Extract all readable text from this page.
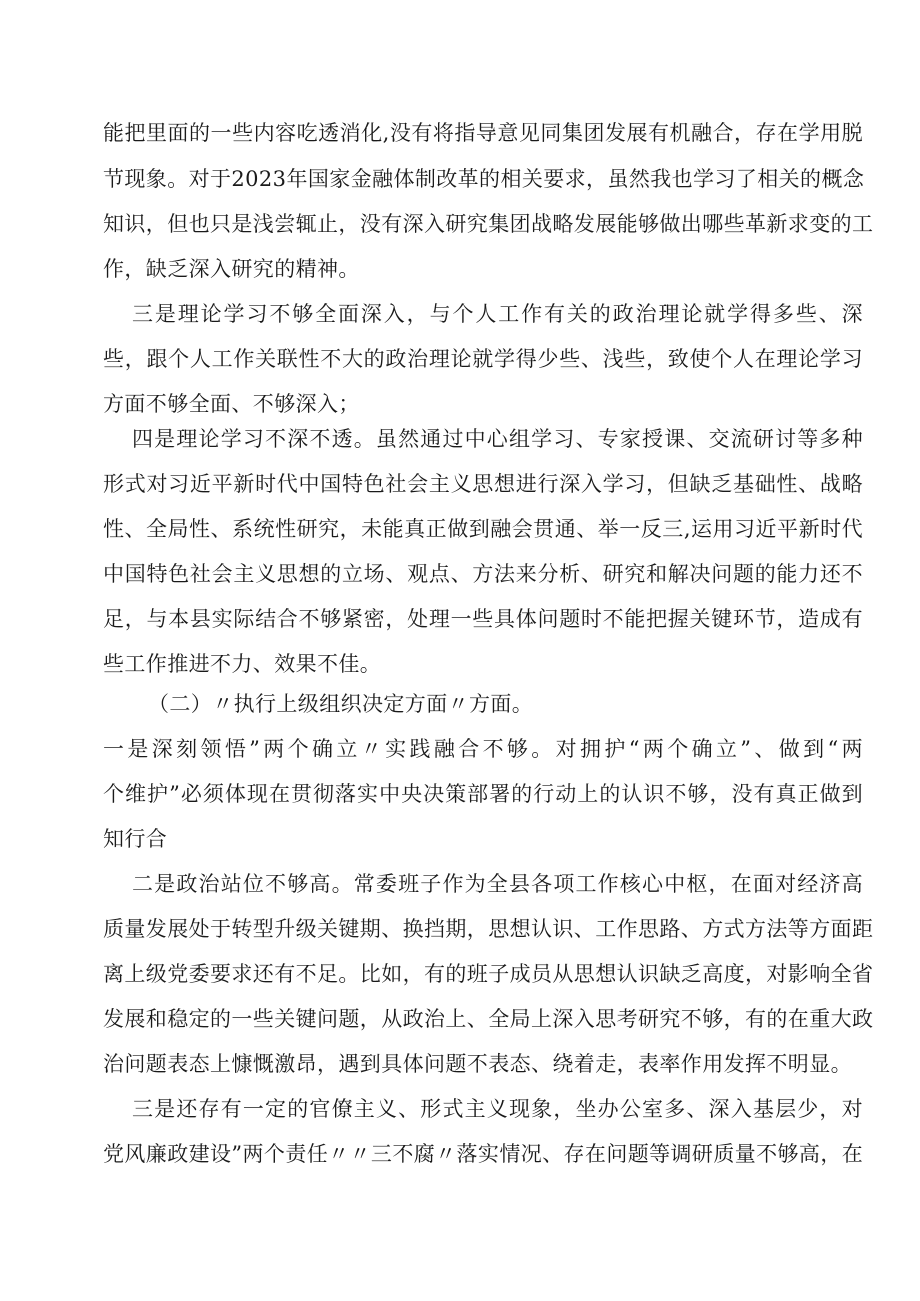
能把里面的一些内容吃透消化,没有将指导意见同集团发展有机融合，存在学用脱
节现象。对于2023年国家金融体制改革的相关要求，虽然我也学习了相关的概念
知识，但也只是浅尝辄止，没有深入研究集团战略发展能够做出哪些革新求变的工
作，缺乏深入研究的精神。
三是理论学习不够全面深入，与个人工作有关的政治理论就学得多些、深
些，跟个人工作关联性不大的政治理论就学得少些、浅些，致使个人在理论学习
方面不够全面、不够深入；
四是理论学习不深不透。虽然通过中心组学习、专家授课、交流研讨等多种
形式对习近平新时代中国特色社会主义思想进行深入学习，但缺乏基础性、战略
性、全局性、系统性研究，未能真正做到融会贯通、举一反三,运用习近平新时代
中国特色社会主义思想的立场、观点、方法来分析、研究和解决问题的能力还不
足，与本县实际结合不够紧密，处理一些具体问题时不能把握关键环节，造成有
些工作推进不力、效果不佳。
（二）〃执行上级组织决定方面〃方面。
一是深刻领悟”两个确立〃实践融合不够。对拥护“两个确立”、做到“两
个维护”必须体现在贯彻落实中央决策部署的行动上的认识不够，没有真正做到
知行合
二是政治站位不够高。常委班子作为全县各项工作核心中枢，在面对经济高
质量发展处于转型升级关键期、换挡期，思想认识、工作思路、方式方法等方面距
离上级党委要求还有不足。比如，有的班子成员从思想认识缺乏高度，对影响全省
发展和稳定的一些关键问题，从政治上、全局上深入思考研究不够，有的在重大政
治问题表态上慷慨激昂，遇到具体问题不表态、绕着走，表率作用发挥不明显。
三是还存有一定的官僚主义、形式主义现象，坐办公室多、深入基层少，对
党风廉政建设”两个责任〃〃三不腐〃落实情况、存在问题等调研质量不够高，在
